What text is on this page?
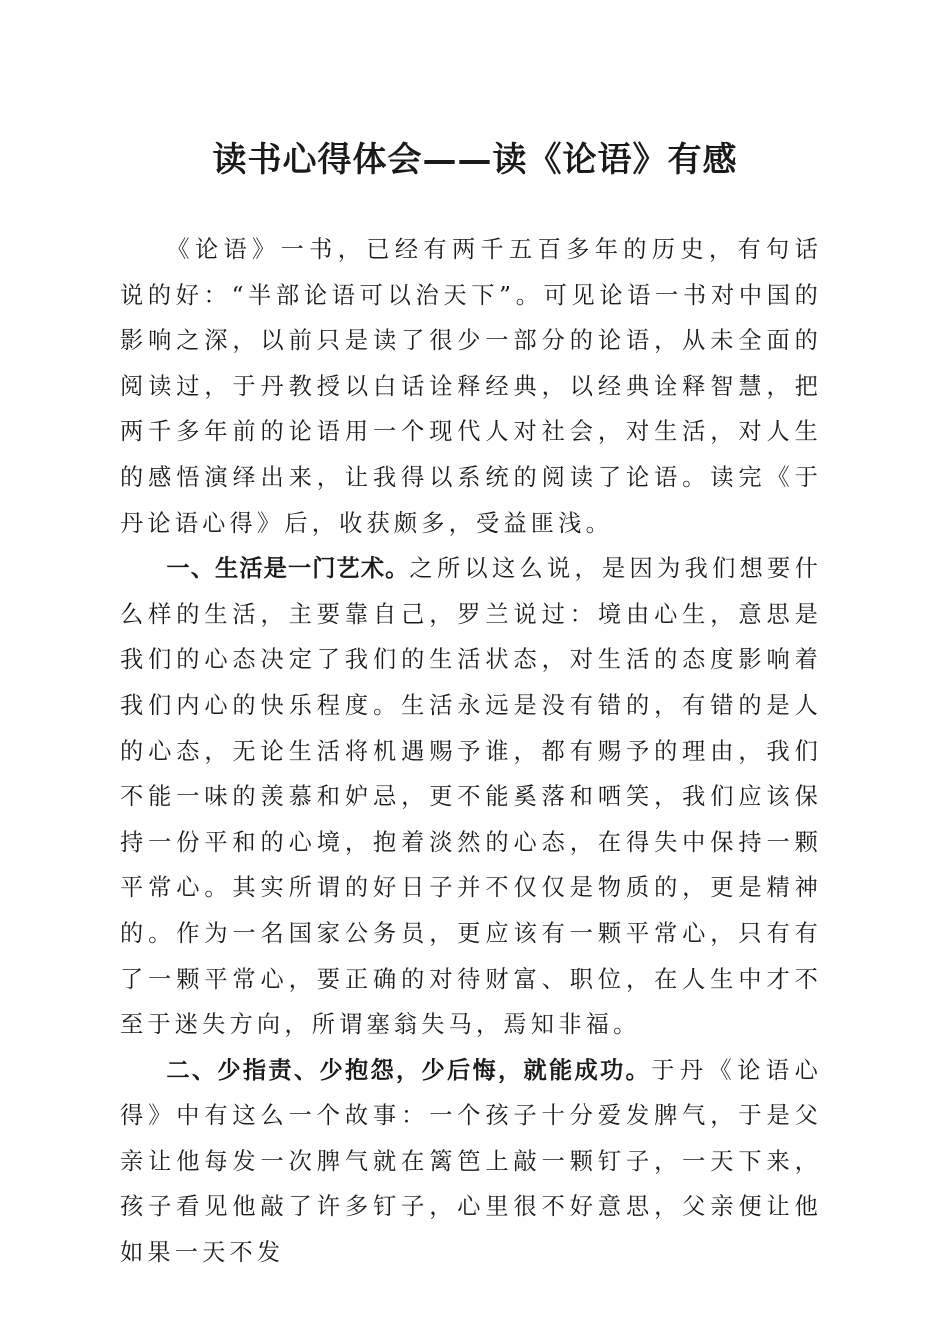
读书心得体会——读《论语》有感

《论语》一书，已经有两千五百多年的历史，有句话说的好：“半部论语可以治天下”。可见论语一书对中国的影响之深，以前只是读了很少一部分的论语，从未全面的阅读过，于丹教授以白话诠释经典，以经典诠释智慧，把两千多年前的论语用一个现代人对社会，对生活，对人生的感悟演绎出来，让我得以系统的阅读了论语。读完《于丹论语心得》后，收获颇多，受益匪浅。

一、生活是一门艺术。之所以这么说，是因为我们想要什么样的生活，主要靠自己，罗兰说过：境由心生，意思是我们的心态决定了我们的生活状态，对生活的态度影响着我们内心的快乐程度。生活永远是没有错的，有错的是人的心态，无论生活将机遇赐予谁，都有赐予的理由，我们不能一味的羡慕和妒忌，更不能奚落和哂笑，我们应该保持一份平和的心境，抱着淡然的心态，在得失中保持一颗平常心。其实所谓的好日子并不仅仅是物质的，更是精神的。作为一名国家公务员，更应该有一颗平常心，只有有了一颗平常心，要正确的对待财富、职位，在人生中才不至于迷失方向，所谓塞翁失马，焉知非福。

二、少指责、少抱怨，少后悔，就能成功。于丹《论语心得》中有这么一个故事：一个孩子十分爱发脾气，于是父亲让他每发一次脾气就在篱笆上敲一颗钉子，一天下来，孩子看见他敲了许多钉子，心里很不好意思，父亲便让他如果一天不发
